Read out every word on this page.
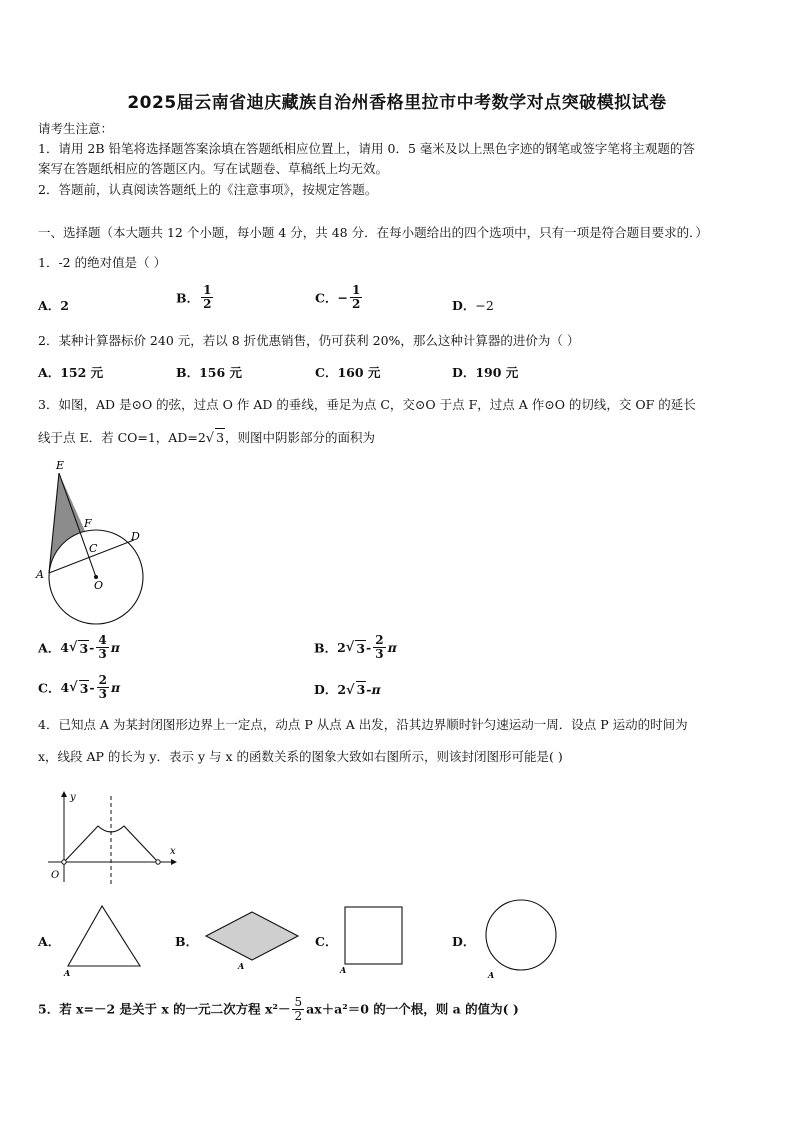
2025届云南省迪庆藏族自治州香格里拉市中考数学对点突破模拟试卷
请考生注意：
1．请用 2B 铅笔将选择题答案涂填在答题纸相应位置上，请用 0．5 毫米及以上黑色字迹的钢笔或签字笔将主观题的答
案写在答题纸相应的答题区内。写在试题卷、草稿纸上均无效。
2．答题前，认真阅读答题纸上的《注意事项》，按规定答题。
一、选择题（本大题共 12 个小题，每小题 4 分，共 48 分．在每小题给出的四个选项中，只有一项是符合题目要求的．）
1．-2 的绝对值是（ ）
A．2	B． $\frac{1}{2}$	C．− $\frac{1}{2}$	D．−2
2．某种计算器标价 240 元，若以 8 折优惠销售，仍可获利 20%，那么这种计算器的进价为（ ）
A．152 元	B．156 元	C．160 元	D．190 元
3．如图，AD 是⊙O 的弦，过点 O 作 AD 的垂线，垂足为点 C，交⊙O 于点 F，过点 A 作⊙O 的切线，交 OF 的延长
线于点 E．若 CO=1，AD=2√ 3，则图中阴影部分的面积为
E
F
C
D
A
O
A．4√ $3- \frac{4}{3}$ π	B．2√ $3- \frac{2}{3}$ π
C．4√ $3- \frac{2}{3}$ π	D．2√ 3-π
4．已知点 A 为某封闭图形边界上一定点，动点 P 从点 A 出发，沿其边界顺时针匀速运动一周．设点 P 运动的时间为
x，线段 AP 的长为 y．表示 y 与 x 的函数关系的图象大致如右图所示，则该封闭图形可能是( )
y
x
O
A．
A
B．
A
C．
A
D．
A
5．若 x=－2 是关于 x 的一元二次方程 $x^2- \frac{5}{2} ax+a^2=0$ 的一个根，则 a 的值为( )
